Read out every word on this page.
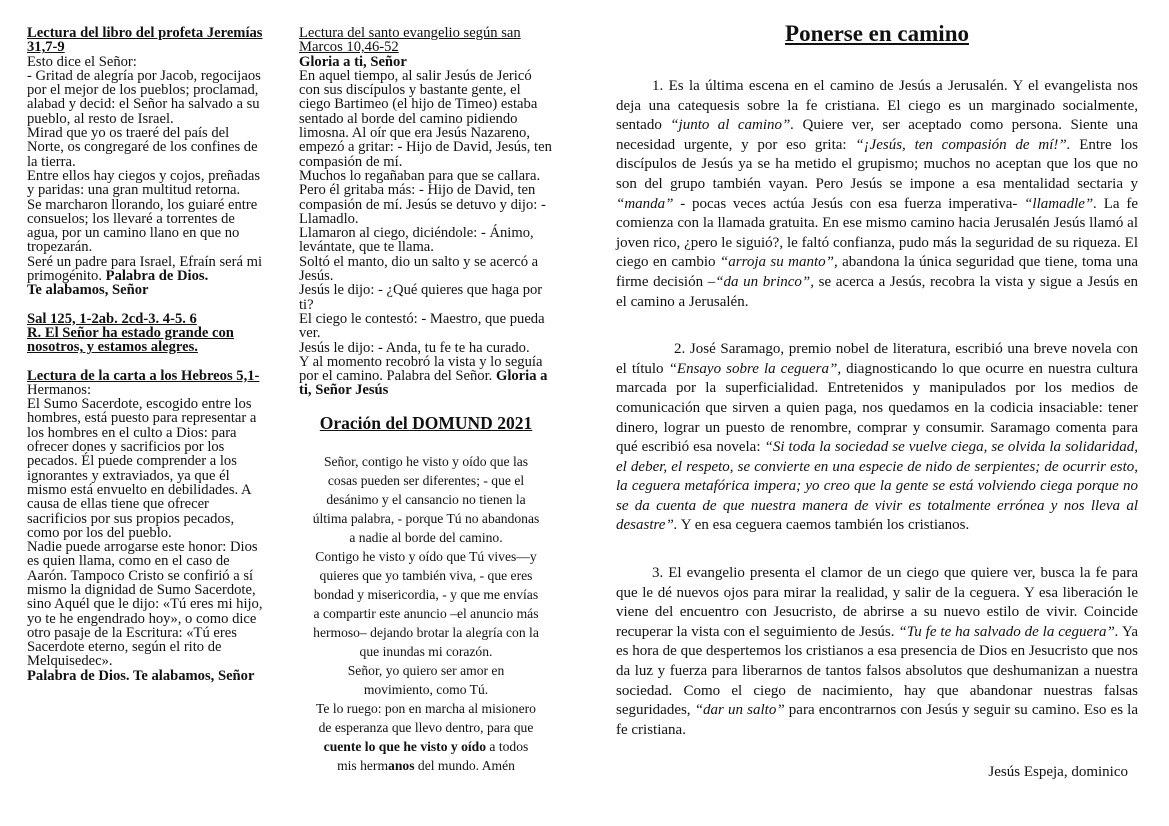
Lectura del libro del profeta Jeremías 31,7-9

Esto dice el Señor:

- Gritad de alegría por Jacob, regocijaos por el mejor de los pueblos; proclamad, alabad y decid: el Señor ha salvado a su pueblo, al resto de Israel.

Mirad que yo os traeré del país del Norte, os congregaré de los confines de la tierra.

Entre ellos hay ciegos y cojos, preñadas y paridas: una gran multitud retorna.

Se marcharon llorando, los guiaré entre consuelos; los llevaré a torrentes de agua, por un camino llano en que no tropezarán.

Seré un padre para Israel, Efraín será mi primogénito. Palabra de Dios.

Te alabamos, Señor

Sal 125, 1-2ab. 2cd-3. 4-5. 6

R. El Señor ha estado grande con nosotros, y estamos alegres.

Lectura de la carta a los Hebreos 5,1-

Hermanos:

El Sumo Sacerdote, escogido entre los hombres, está puesto para representar a los hombres en el culto a Dios: para ofrecer dones y sacrificios por los pecados. Él puede comprender a los ignorantes y extraviados, ya que él mismo está envuelto en debilidades. A causa de ellas tiene que ofrecer sacrificios por sus propios pecados, como por los del pueblo.

Nadie puede arrogarse este honor: Dios es quien llama, como en el caso de Aarón. Tampoco Cristo se confirió a sí mismo la dignidad de Sumo Sacerdote, sino Aquél que le dijo: «Tú eres mi hijo, yo te he engendrado hoy», o como dice otro pasaje de la Escritura: «Tú eres Sacerdote eterno, según el rito de Melquisedec».

Palabra de Dios. Te alabamos, Señor

Lectura del santo evangelio según san Marcos 10,46-52

Gloria a ti, Señor

En aquel tiempo, al salir Jesús de Jericó con sus discípulos y bastante gente, el ciego Bartimeo (el hijo de Timeo) estaba sentado al borde del camino pidiendo limosna. Al oír que era Jesús Nazareno, empezó a gritar: - Hijo de David, Jesús, ten compasión de mí.

Muchos lo regañaban para que se callara. Pero él gritaba más: - Hijo de David, ten compasión de mí. Jesús se detuvo y dijo: - Llamadlo.

Llamaron al ciego, diciéndole: - Ánimo, levántate, que te llama.

Soltó el manto, dio un salto y se acercó a Jesús.

Jesús le dijo: - ¿Qué quieres que haga por ti?

El ciego le contestó: - Maestro, que pueda ver.

Jesús le dijo: - Anda, tu fe te ha curado.

Y al momento recobró la vista y lo seguía por el camino. Palabra del Señor. Gloria a ti, Señor Jesús

Oración del DOMUND 2021

Señor, contigo he visto y oído que las

cosas pueden ser diferentes; - que el

desánimo y el cansancio no tienen la

última palabra, - porque Tú no abandonas

a nadie al borde del camino.

Contigo he visto y oído que Tú vives—y

quieres que yo también viva, - que eres

bondad y misericordia, - y que me envías

a compartir este anuncio –el anuncio más

hermoso– dejando brotar la alegría con la

que inundas mi corazón.

Señor, yo quiero ser amor en

movimiento, como Tú.

Te lo ruego: pon en marcha al misionero

de esperanza que llevo dentro, para que

cuente lo que he visto y oído a todos

mis hermanos del mundo. Amén

Ponerse en camino

1. Es la última escena en el camino de Jesús a Jerusalén. Y el evangelista nos deja una catequesis sobre la fe cristiana. El ciego es un marginado socialmente, sentado “junto al camino”. Quiere ver, ser aceptado como persona. Siente una necesidad urgente, y por eso grita: “¡Jesús, ten compasión de mí!”. Entre los discípulos de Jesús ya se ha metido el grupismo; muchos no aceptan que los que no son del grupo también vayan. Pero Jesús se impone a esa mentalidad sectaria y “manda” - pocas veces actúa Jesús con esa fuerza imperativa- “llamadle”. La fe comienza con la llamada gratuita. En ese mismo camino hacia Jerusalén Jesús llamó al joven rico, ¿pero le siguió?, le faltó confianza, pudo más la seguridad de su riqueza. El ciego en cambio “arroja su manto”, abandona la única seguridad que tiene, toma una firme decisión –“da un brinco”, se acerca a Jesús, recobra la vista y sigue a Jesús en el camino a Jerusalén.

2. José Saramago, premio nobel de literatura, escribió una breve novela con el título “Ensayo sobre la ceguera”, diagnosticando lo que ocurre en nuestra cultura marcada por la superficialidad. Entretenidos y manipulados por los medios de comunicación que sirven a quien paga, nos quedamos en la codicia insaciable: tener dinero, lograr un puesto de renombre, comprar y consumir. Saramago comenta para qué escribió esa novela: “Si toda la sociedad se vuelve ciega, se olvida la solidaridad, el deber, el respeto, se convierte en una especie de nido de serpientes; de ocurrir esto, la ceguera metafórica impera; yo creo que la gente se está volviendo ciega porque no se da cuenta de que nuestra manera de vivir es totalmente errónea y nos lleva al desastre”. Y en esa ceguera caemos también los cristianos.

3. El evangelio presenta el clamor de un ciego que quiere ver, busca la fe para que le dé nuevos ojos para mirar la realidad, y salir de la ceguera. Y esa liberación le viene del encuentro con Jesucristo, de abrirse a su nuevo estilo de vivir. Coincide recuperar la vista con el seguimiento de Jesús. “Tu fe te ha salvado de la ceguera”. Ya es hora de que despertemos los cristianos a esa presencia de Dios en Jesucristo que nos da luz y fuerza para liberarnos de tantos falsos absolutos que deshumanizan a nuestra sociedad. Como el ciego de nacimiento, hay que abandonar nuestras falsas seguridades, “dar un salto” para encontrarnos con Jesús y seguir su camino. Eso es la fe cristiana.

Jesús Espeja, dominico
